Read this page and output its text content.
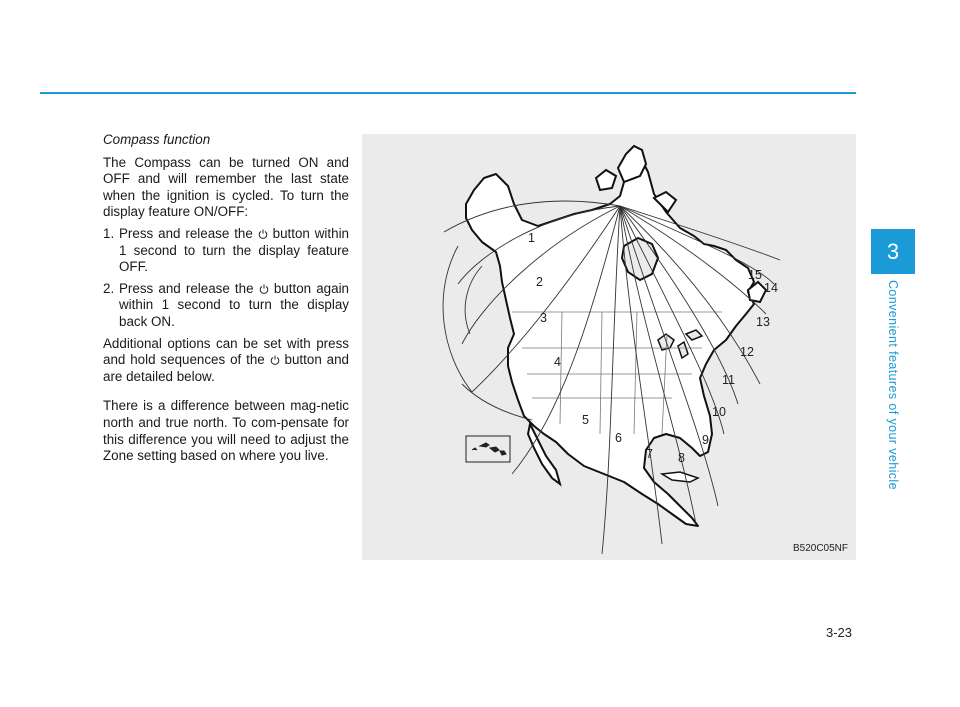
Compass function

The Compass can be turned ON and OFF and will remember the last state when the ignition is cycled. To turn the display feature ON/OFF:

1. Press and release the button within 1 second to turn the display feature OFF.
2. Press and release the button again within 1 second to turn the display back ON.

Additional options can be set with press and hold sequences of the button and are detailed below.

There is a difference between mag-netic north and true north. To com-pensate for this difference you will need to adjust the Zone setting based on where you live.

1
2
3
4
5
6
7 8
9
10
11
12
13
14
15
B520C05NF
3
Convenient features of your vehicle
3-23
